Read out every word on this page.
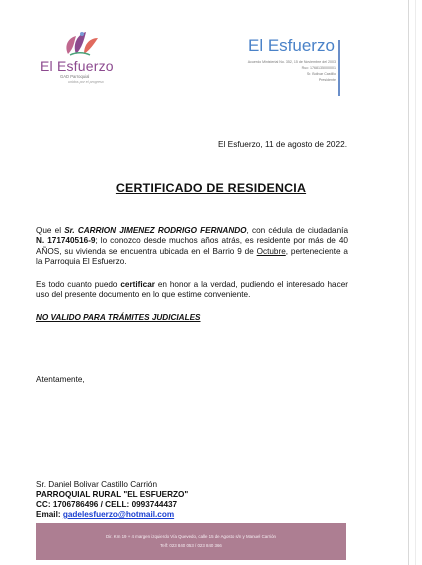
El Esfuerzo
GAD Parroquial
unidos por el progreso
El Esfuerzo
Acuerdo Ministerial No. 352, 15 de Noviembre del 2003
Ruc: 1768135000001
Sr. Bolivar Castillo
Presidente
El Esfuerzo, 11 de agosto de 2022.
CERTIFICADO DE RESIDENCIA
Que el Sr. CARRION JIMENEZ RODRIGO FERNANDO, con cédula de ciudadanía N. 171740516-9; lo conozco desde muchos años atrás, es residente por más de 40 AÑOS, su vivienda se encuentra ubicada en el Barrio 9 de Octubre, perteneciente a la Parroquia El Esfuerzo.
Es todo cuanto puedo certificar en honor a la verdad, pudiendo el interesado hacer uso del presente documento en lo que estime conveniente.
NO VALIDO PARA TRÁMITES JUDICIALES
Atentamente,
Sr. Daniel Bolivar Castillo Carrión
PARROQUIAL RURAL "EL ESFUERZO"
CC: 1706786496 / CELL: 0993744437
Email: gadelesfuerzo@hotmail.com
Dir. Km 19 + 4 margen izquierdo Vía Quevedo, calle 15 de Agosto s/n y Manuel Carrión
Telf: 023 840 053 / 023 840 366
